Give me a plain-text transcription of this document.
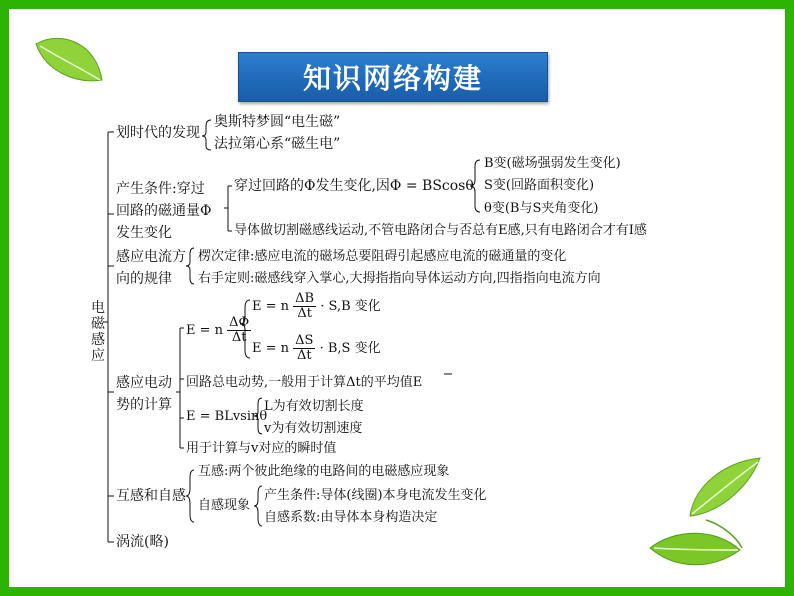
知识网络构建
电磁感应
划时代的发现
奥斯特梦圆“电生磁”
法拉第心系“磁生电”
产生条件:穿过
回路的磁通量Φ
发生变化
穿过回路的Φ发生变化,因Φ = BScosθ
B变(磁场强弱发生变化)
S变(回路面积变化)
θ变(B与S夹角变化)
导体做切割磁感线运动,不管电路闭合与否总有E感,只有电路闭合才有I感
感应电流方
向的规律
楞次定律:感应电流的磁场总要阻碍引起感应电流的磁通量的变化
右手定则:磁感线穿入掌心,大拇指指向导体运动方向,四指指向电流方向
感应电动
势的计算
E = n $\frac{\Delta\Phi}{\Delta t}$
E = n $\frac{\Delta B}{\Delta t} \cdot S,B$ 变化
E = n $\frac{\Delta S}{\Delta t} \cdot B,S$ 变化
回路总电动势,一般用于计算Δt的平均值E
E = BLvsinθ
L为有效切割长度
v为有效切割速度
用于计算与v对应的瞬时值
互感和自感
互感:两个彼此绝缘的电路间的电磁感应现象
自感现象
产生条件:导体(线圈)本身电流发生变化
自感系数:由导体本身构造决定
涡流(略)
